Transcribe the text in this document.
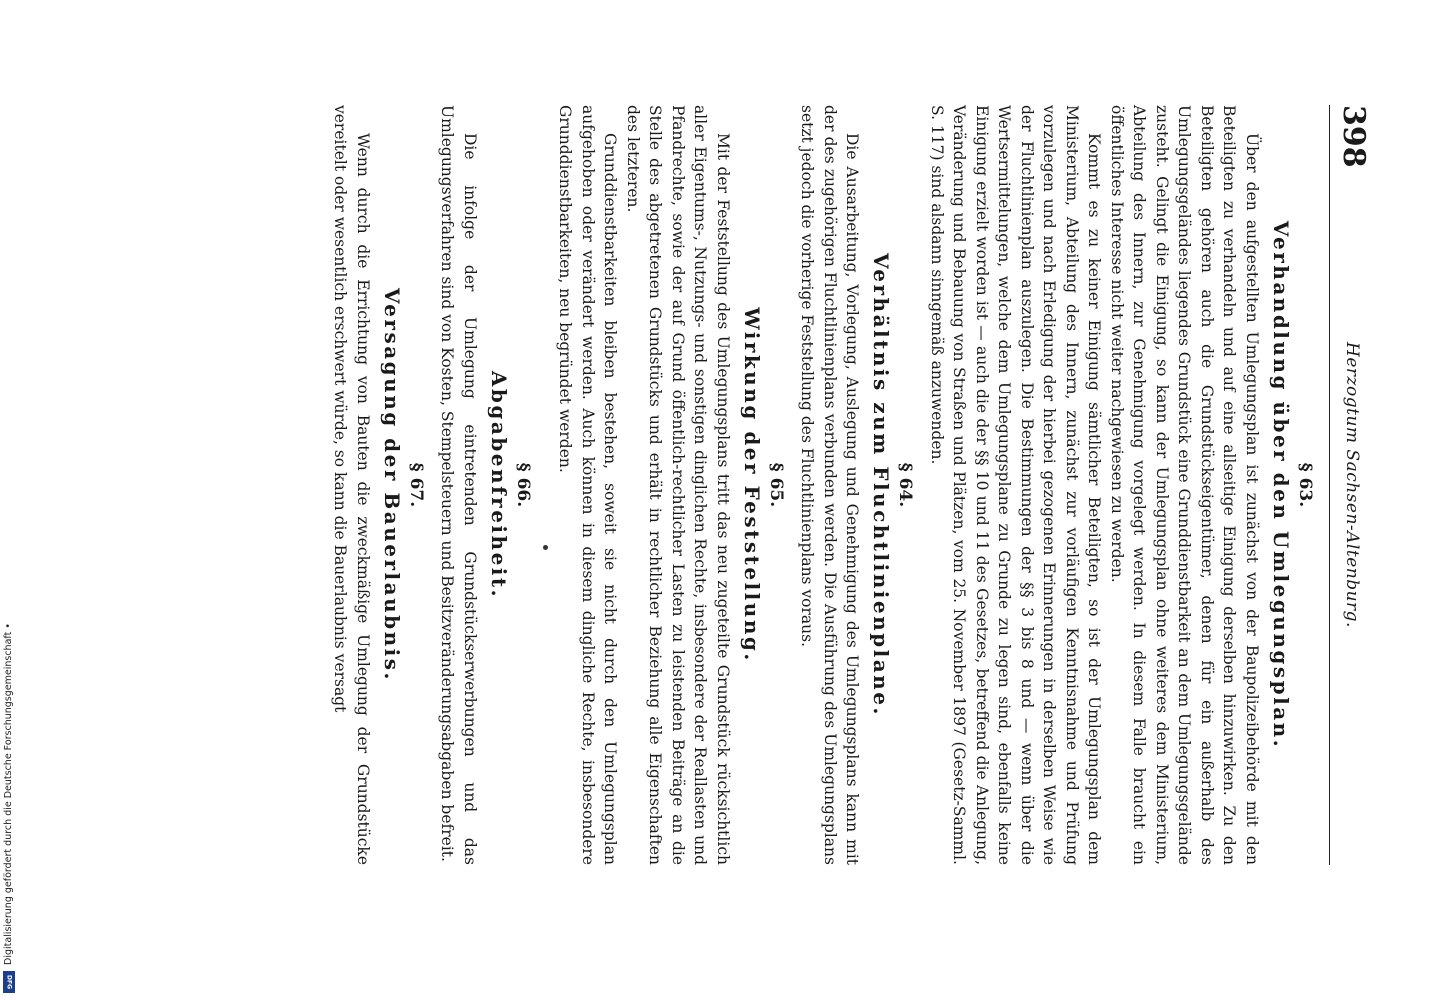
398
Herzogtum Sachsen-Altenburg.
§ 63.
Verhandlung über den Umlegungsplan.

Über den aufgestellten Umlegungsplan ist zunächst von der Baupolizeibehörde mit den Beteiligten zu verhandeln und auf eine allseitige Einigung derselben hinzuwirken. Zu den Beteiligten gehören auch die Grundstückseigentümer, denen für ein außerhalb des Umlegungsgeländes liegendes Grundstück eine Grunddienstbarkeit an dem Umlegungsgelände zusteht. Gelingt die Einigung, so kann der Umlegungsplan ohne weiteres dem Ministerium, Abteilung des Innern, zur Genehmigung vorgelegt werden. In diesem Falle braucht ein öffentliches Interesse nicht weiter nachgewiesen zu werden.

Kommt es zu keiner Einigung sämtlicher Beteiligten, so ist der Umlegungsplan dem Ministerium, Abteilung des Innern, zunächst zur vorläufigen Kenntnisnahme und Prüfung vorzulegen und nach Erledigung der hierbei gezogenen Erinnerungen in derselben Weise wie der Fluchtlinienplan auszulegen. Die Bestimmungen der §§ 3 bis 8 und — wenn über die Wertsermittelungen, welche dem Umlegungsplane zu Grunde zu legen sind, ebenfalls keine Einigung erzielt worden ist — auch die der §§ 10 und 11 des Gesetzes, betreffend die Anlegung, Veränderung und Bebauung von Straßen und Plätzen, vom 25. November 1897 (Gesetz-Samml. S. 117) sind alsdann sinngemäß anzuwenden.

§ 64.
Verhältnis zum Fluchtlinienplane.

Die Ausarbeitung, Vorlegung, Auslegung und Genehmigung des Umlegungsplans kann mit der des zugehörigen Fluchtlinienplans verbunden werden. Die Ausführung des Umlegungsplans setzt jedoch die vorherige Feststellung des Fluchtlinienplans voraus.

§ 65.
Wirkung der Feststellung.

Mit der Feststellung des Umlegungsplans tritt das neu zugeteilte Grundstück rücksichtlich aller Eigentums-, Nutzungs- und sonstigen dinglichen Rechte, insbesondere der Reallasten und Pfandrechte, sowie der auf Grund öffentlich-rechtlicher Lasten zu leistenden Beiträge an die Stelle des abgetretenen Grundstücks und erhält in rechtlicher Beziehung alle Eigenschaften des letzteren.

Grunddienstbarkeiten bleiben bestehen, soweit sie nicht durch den Umlegungsplan aufgehoben oder verändert werden. Auch können in diesem dingliche Rechte, insbesondere Grunddienstbarkeiten, neu begründet werden.

§ 66.
Abgabenfreiheit.

Die infolge der Umlegung eintretenden Grundstückserwerbungen und das Umlegungsverfahren sind von Kosten, Stempelsteuern und Besitzveränderungsabgaben befreit.

§ 67.
Versagung der Bauerlaubnis.

Wenn durch die Errichtung von Bauten die zweckmäßige Umlegung der Grundstücke vereitelt oder wesentlich erschwert würde, so kann die Bauerlaubnis versagt

Digitalisierung gefördert durch die Deutsche Forschungsgemeinschaft •
DFG
